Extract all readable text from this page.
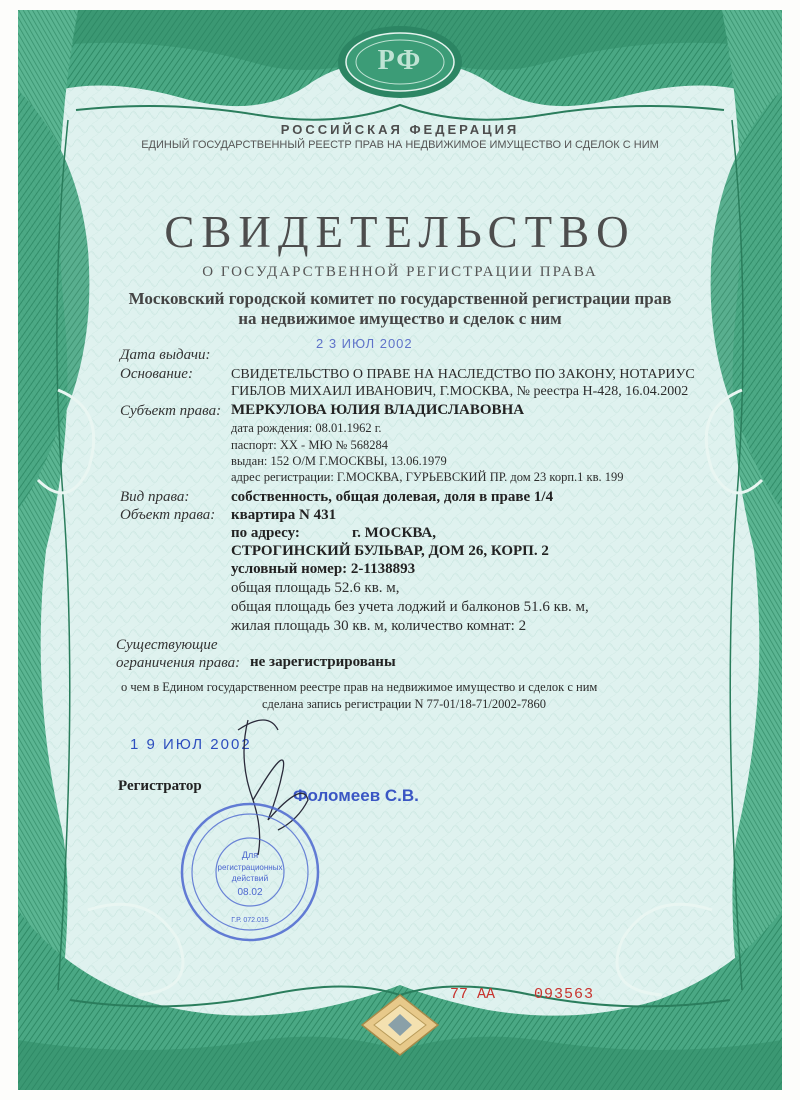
РФ
РОССИЙСКАЯ ФЕДЕРАЦИЯ
ЕДИНЫЙ ГОСУДАРСТВЕННЫЙ РЕЕСТР ПРАВ НА НЕДВИЖИМОЕ ИМУЩЕСТВО И СДЕЛОК С НИМ
СВИДЕТЕЛЬСТВО
О ГОСУДАРСТВЕННОЙ РЕГИСТРАЦИИ ПРАВА
Московский городской комитет по государственной регистрации прав
на недвижимое имущество и сделок с ним
Дата выдачи:
2 3 ИЮЛ 2002
Основание:	СВИДЕТЕЛЬСТВО О ПРАВЕ НА НАСЛЕДСТВО ПО ЗАКОНУ, НОТАРИУС
ГИБЛОВ МИХАИЛ ИВАНОВИЧ, Г.МОСКВА, № реестра Н-428, 16.04.2002
Субъект права: МЕРКУЛОВА ЮЛИЯ ВЛАДИСЛАВОВНА
дата рождения: 08.01.1962 г.
паспорт: ХХ - МЮ № 568284
выдан: 152 О/М Г.МОСКВЫ, 13.06.1979
адрес регистрации: Г.МОСКВА, ГУРЬЕВСКИЙ ПР. дом 23 корп.1 кв. 199
Вид права:	собственность, общая долевая, доля в праве 1/4
Объект права: квартира N 431
по адресу:	г. МОСКВА,
СТРОГИНСКИЙ БУЛЬВАР, ДОМ 26, КОРП. 2
условный номер: 2-1138893
общая площадь 52.6 кв. м,
общая площадь без учета лоджий и балконов 51.6 кв. м,
жилая площадь 30 кв. м, количество комнат: 2
Существующие
ограничения права: не зарегистрированы
о чем в Едином государственном реестре прав на недвижимое имущество и сделок с ним
сделана запись регистрации N 77-01/18-71/2002-7860
1 9 ИЮЛ 2002
Регистратор	Фоломеев С.В.
Для
регистрационных
действий
08.02
Г.Р. 072.015
77 АА	093563
